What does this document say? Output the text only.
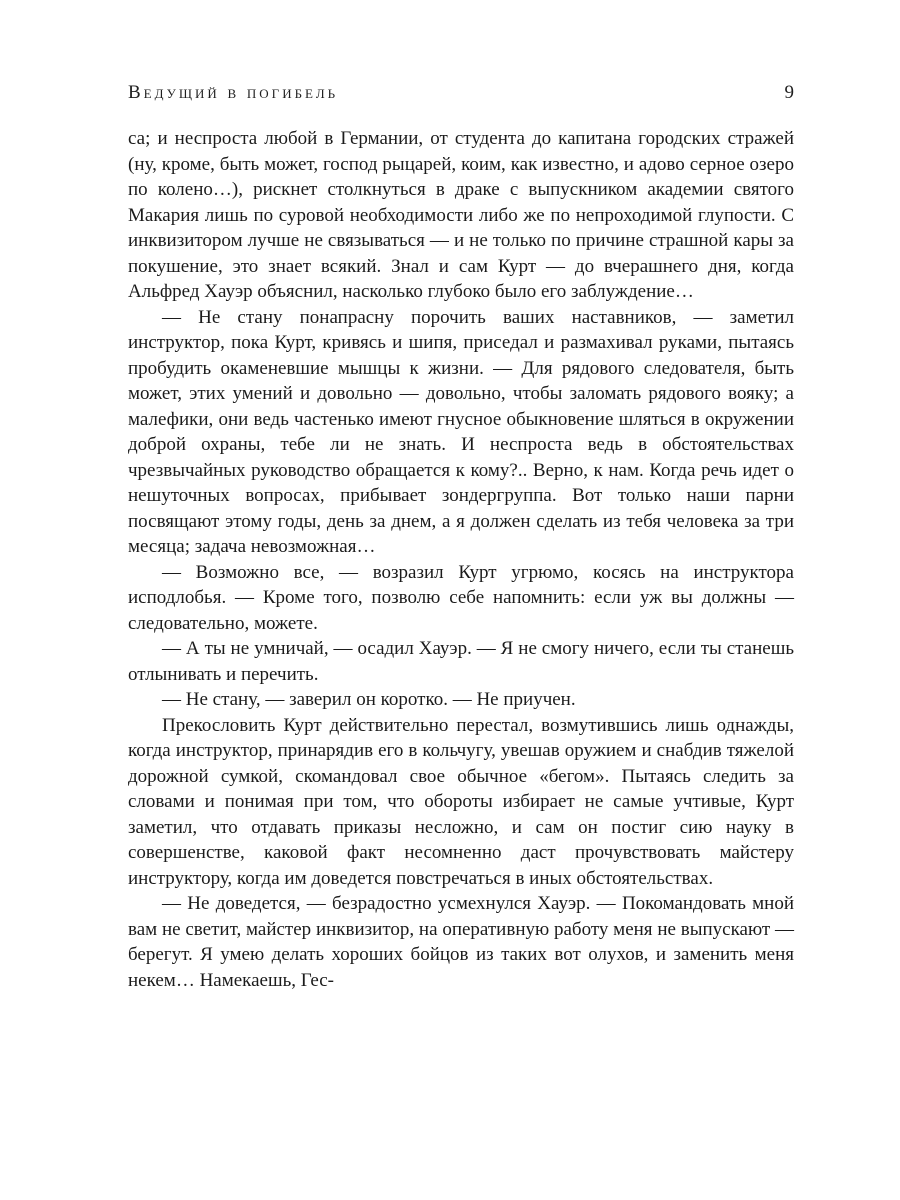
Ведущий в погибель	9

са; и неспроста любой в Германии, от студента до капитана городских стражей (ну, кроме, быть может, господ рыцарей, коим, как известно, и адово серное озеро по колено…), рискнет столкнуться в драке с выпускником академии святого Макария лишь по суровой необходимости либо же по непроходимой глупости. С инквизитором лучше не связываться — и не только по причине страшной кары за покушение, это знает всякий. Знал и сам Курт — до вчерашнего дня, когда Альфред Хауэр объяснил, насколько глубоко было его заблуждение…

— Не стану понапрасну порочить ваших наставников, — заметил инструктор, пока Курт, кривясь и шипя, приседал и размахивал руками, пытаясь пробудить окаменевшие мышцы к жизни. — Для рядового следователя, быть может, этих умений и довольно — довольно, чтобы заломать рядового вояку; а малефики, они ведь частенько имеют гнусное обыкновение шляться в окружении доброй охраны, тебе ли не знать. И неспроста ведь в обстоятельствах чрезвычайных руководство обращается к кому?.. Верно, к нам. Когда речь идет о нешуточных вопросах, прибывает зондергруппа. Вот только наши парни посвящают этому годы, день за днем, а я должен сделать из тебя человека за три месяца; задача невозможная…

— Возможно все, — возразил Курт угрюмо, косясь на инструктора исподлобья. — Кроме того, позволю себе напомнить: если уж вы должны — следовательно, можете.

— А ты не умничай, — осадил Хауэр. — Я не смогу ничего, если ты станешь отлынивать и перечить.

— Не стану, — заверил он коротко. — Не приучен.

Прекословить Курт действительно перестал, возмутившись лишь однажды, когда инструктор, принарядив его в кольчугу, увешав оружием и снабдив тяжелой дорожной сумкой, скомандовал свое обычное «бегом». Пытаясь следить за словами и понимая при том, что обороты избирает не самые учтивые, Курт заметил, что отдавать приказы несложно, и сам он постиг сию науку в совершенстве, каковой факт несомненно даст прочувствовать майстеру инструктору, когда им доведется повстречаться в иных обстоятельствах.

— Не доведется, — безрадостно усмехнулся Хауэр. — Покомандовать мной вам не светит, майстер инквизитор, на оперативную работу меня не выпускают — берегут. Я умею делать хороших бойцов из таких вот олухов, и заменить меня некем… Намекаешь, Гес-
